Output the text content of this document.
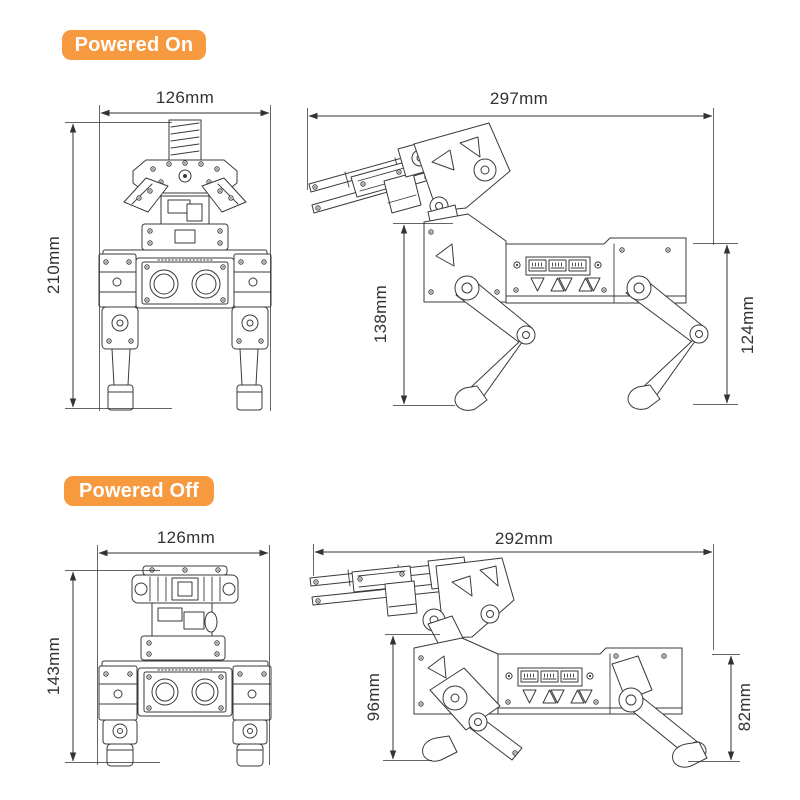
Powered On
Powered Off
126mm
210mm
297mm
138mm	124mm
126mm
143mm
292mm
96mm	82mm
